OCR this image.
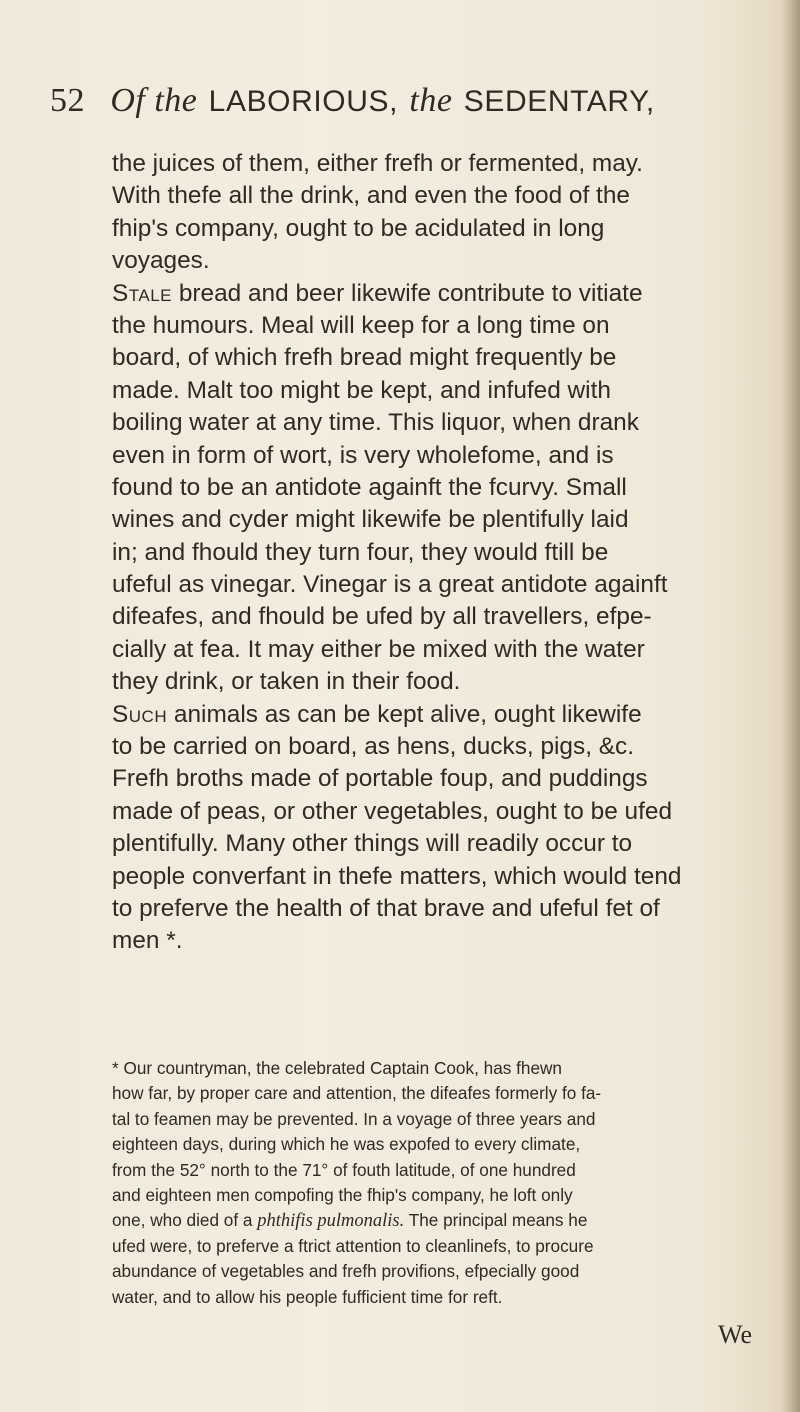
52 Of the LABORIOUS, the SEDENTARY,
the juices of them, either frefh or fermented, may.
With thefe all the drink, and even the food of the
fhip's company, ought to be acidulated in long
voyages.
Stale bread and beer likewife contribute to vitiate
the humours. Meal will keep for a long time on
board, of which frefh bread might frequently be
made. Malt too might be kept, and infufed with
boiling water at any time. This liquor, when drank
even in form of wort, is very wholefome, and is
found to be an antidote againft the fcurvy. Small
wines and cyder might likewife be plentifully laid
in; and fhould they turn four, they would ftill be
ufeful as vinegar. Vinegar is a great antidote againft
difeafes, and fhould be ufed by all travellers, efpe-
cially at fea. It may either be mixed with the water
they drink, or taken in their food.
Such animals as can be kept alive, ought likewife
to be carried on board, as hens, ducks, pigs, &c.
Frefh broths made of portable foup, and puddings
made of peas, or other vegetables, ought to be ufed
plentifully. Many other things will readily occur to
people converfant in thefe matters, which would tend
to preferve the health of that brave and ufeful fet of
men *.
* Our countryman, the celebrated Captain Cook, has fhewn
how far, by proper care and attention, the difeafes formerly fo fa-
tal to feamen may be prevented. In a voyage of three years and
eighteen days, during which he was expofed to every climate,
from the 52° north to the 71° of fouth latitude, of one hundred
and eighteen men compofing the fhip's company, he loft only
one, who died of a phthifis pulmonalis. The principal means he
ufed were, to preferve a ftrict attention to cleanlinefs, to procure
abundance of vegetables and frefh provifions, efpecially good
water, and to allow his people fufficient time for reft.
We
